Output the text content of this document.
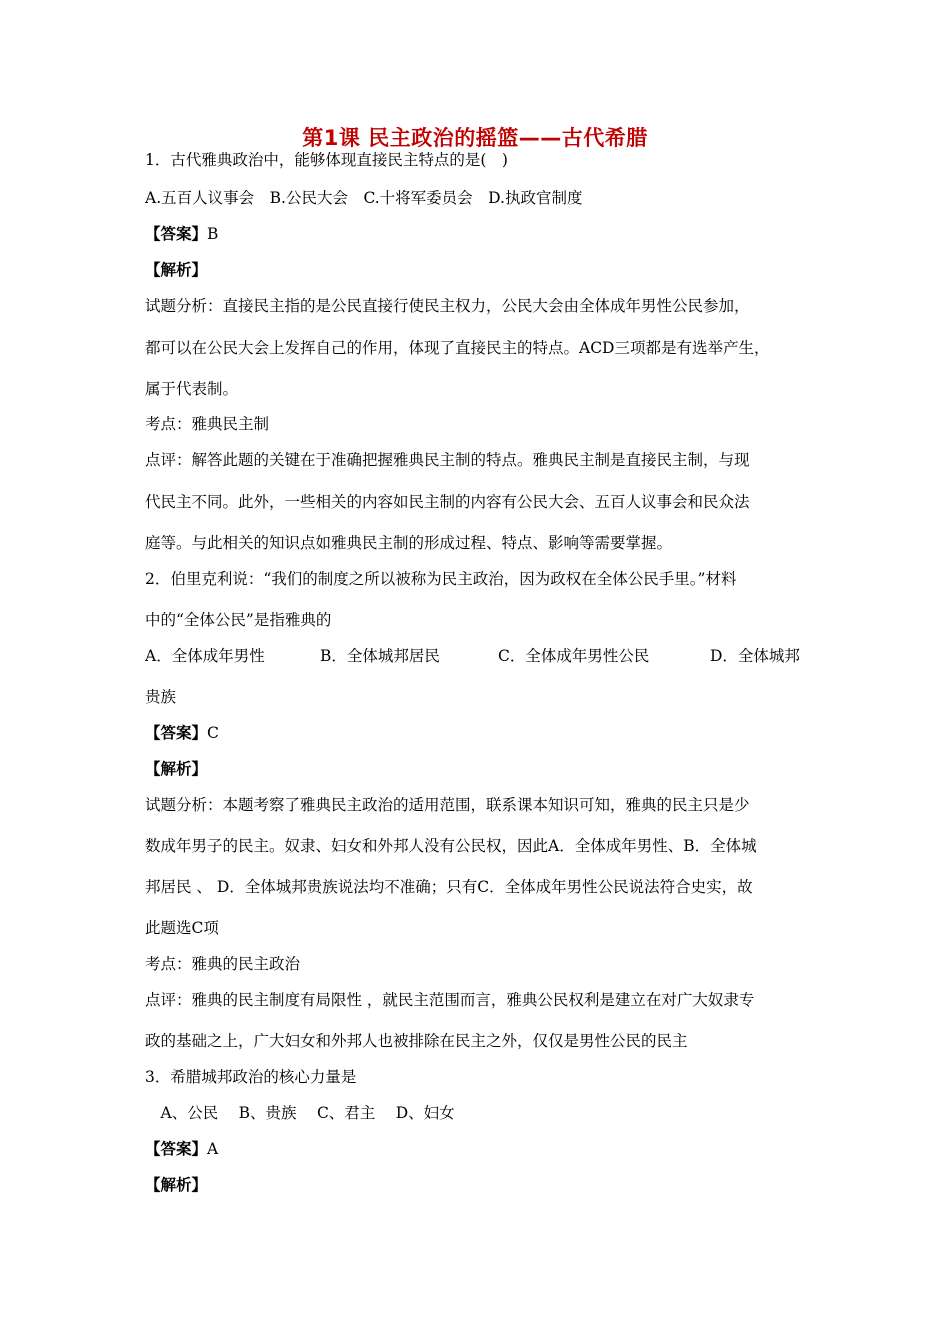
第1课 民主政治的摇篮——古代希腊
1．古代雅典政治中，能够体现直接民主特点的是(　)
A.五百人议事会　B.公民大会　C.十将军委员会　D.执政官制度
【答案】B
【解析】
试题分析：直接民主指的是公民直接行使民主权力，公民大会由全体成年男性公民参加，
都可以在公民大会上发挥自己的作用，体现了直接民主的特点。ACD三项都是有选举产生，
属于代表制。
考点：雅典民主制
点评：解答此题的关键在于准确把握雅典民主制的特点。雅典民主制是直接民主制，与现
代民主不同。此外，一些相关的内容如民主制的内容有公民大会、五百人议事会和民众法
庭等。与此相关的知识点如雅典民主制的形成过程、特点、影响等需要掌握。
2．伯里克利说：“我们的制度之所以被称为民主政治，因为政权在全体公民手里。”材料
中的“全体公民”是指雅典的
A．全体成年男性	B．全体城邦居民	C．全体成年男性公民	D．全体城邦
贵族
【答案】C
【解析】
试题分析：本题考察了雅典民主政治的适用范围，联系课本知识可知，雅典的民主只是少
数成年男子的民主。奴隶、妇女和外邦人没有公民权，因此A．全体成年男性、B．全体城
邦居民 、 D．全体城邦贵族说法均不准确；只有C．全体成年男性公民说法符合史实，故
此题选C项
考点：雅典的民主政治
点评：雅典的民主制度有局限性 ，就民主范围而言，雅典公民权利是建立在对广大奴隶专
政的基础之上，广大妇女和外邦人也被排除在民主之外，仅仅是男性公民的民主
3．希腊城邦政治的核心力量是
　A、公民　 B、贵族　 C、君主　 D、妇女
【答案】A
【解析】
